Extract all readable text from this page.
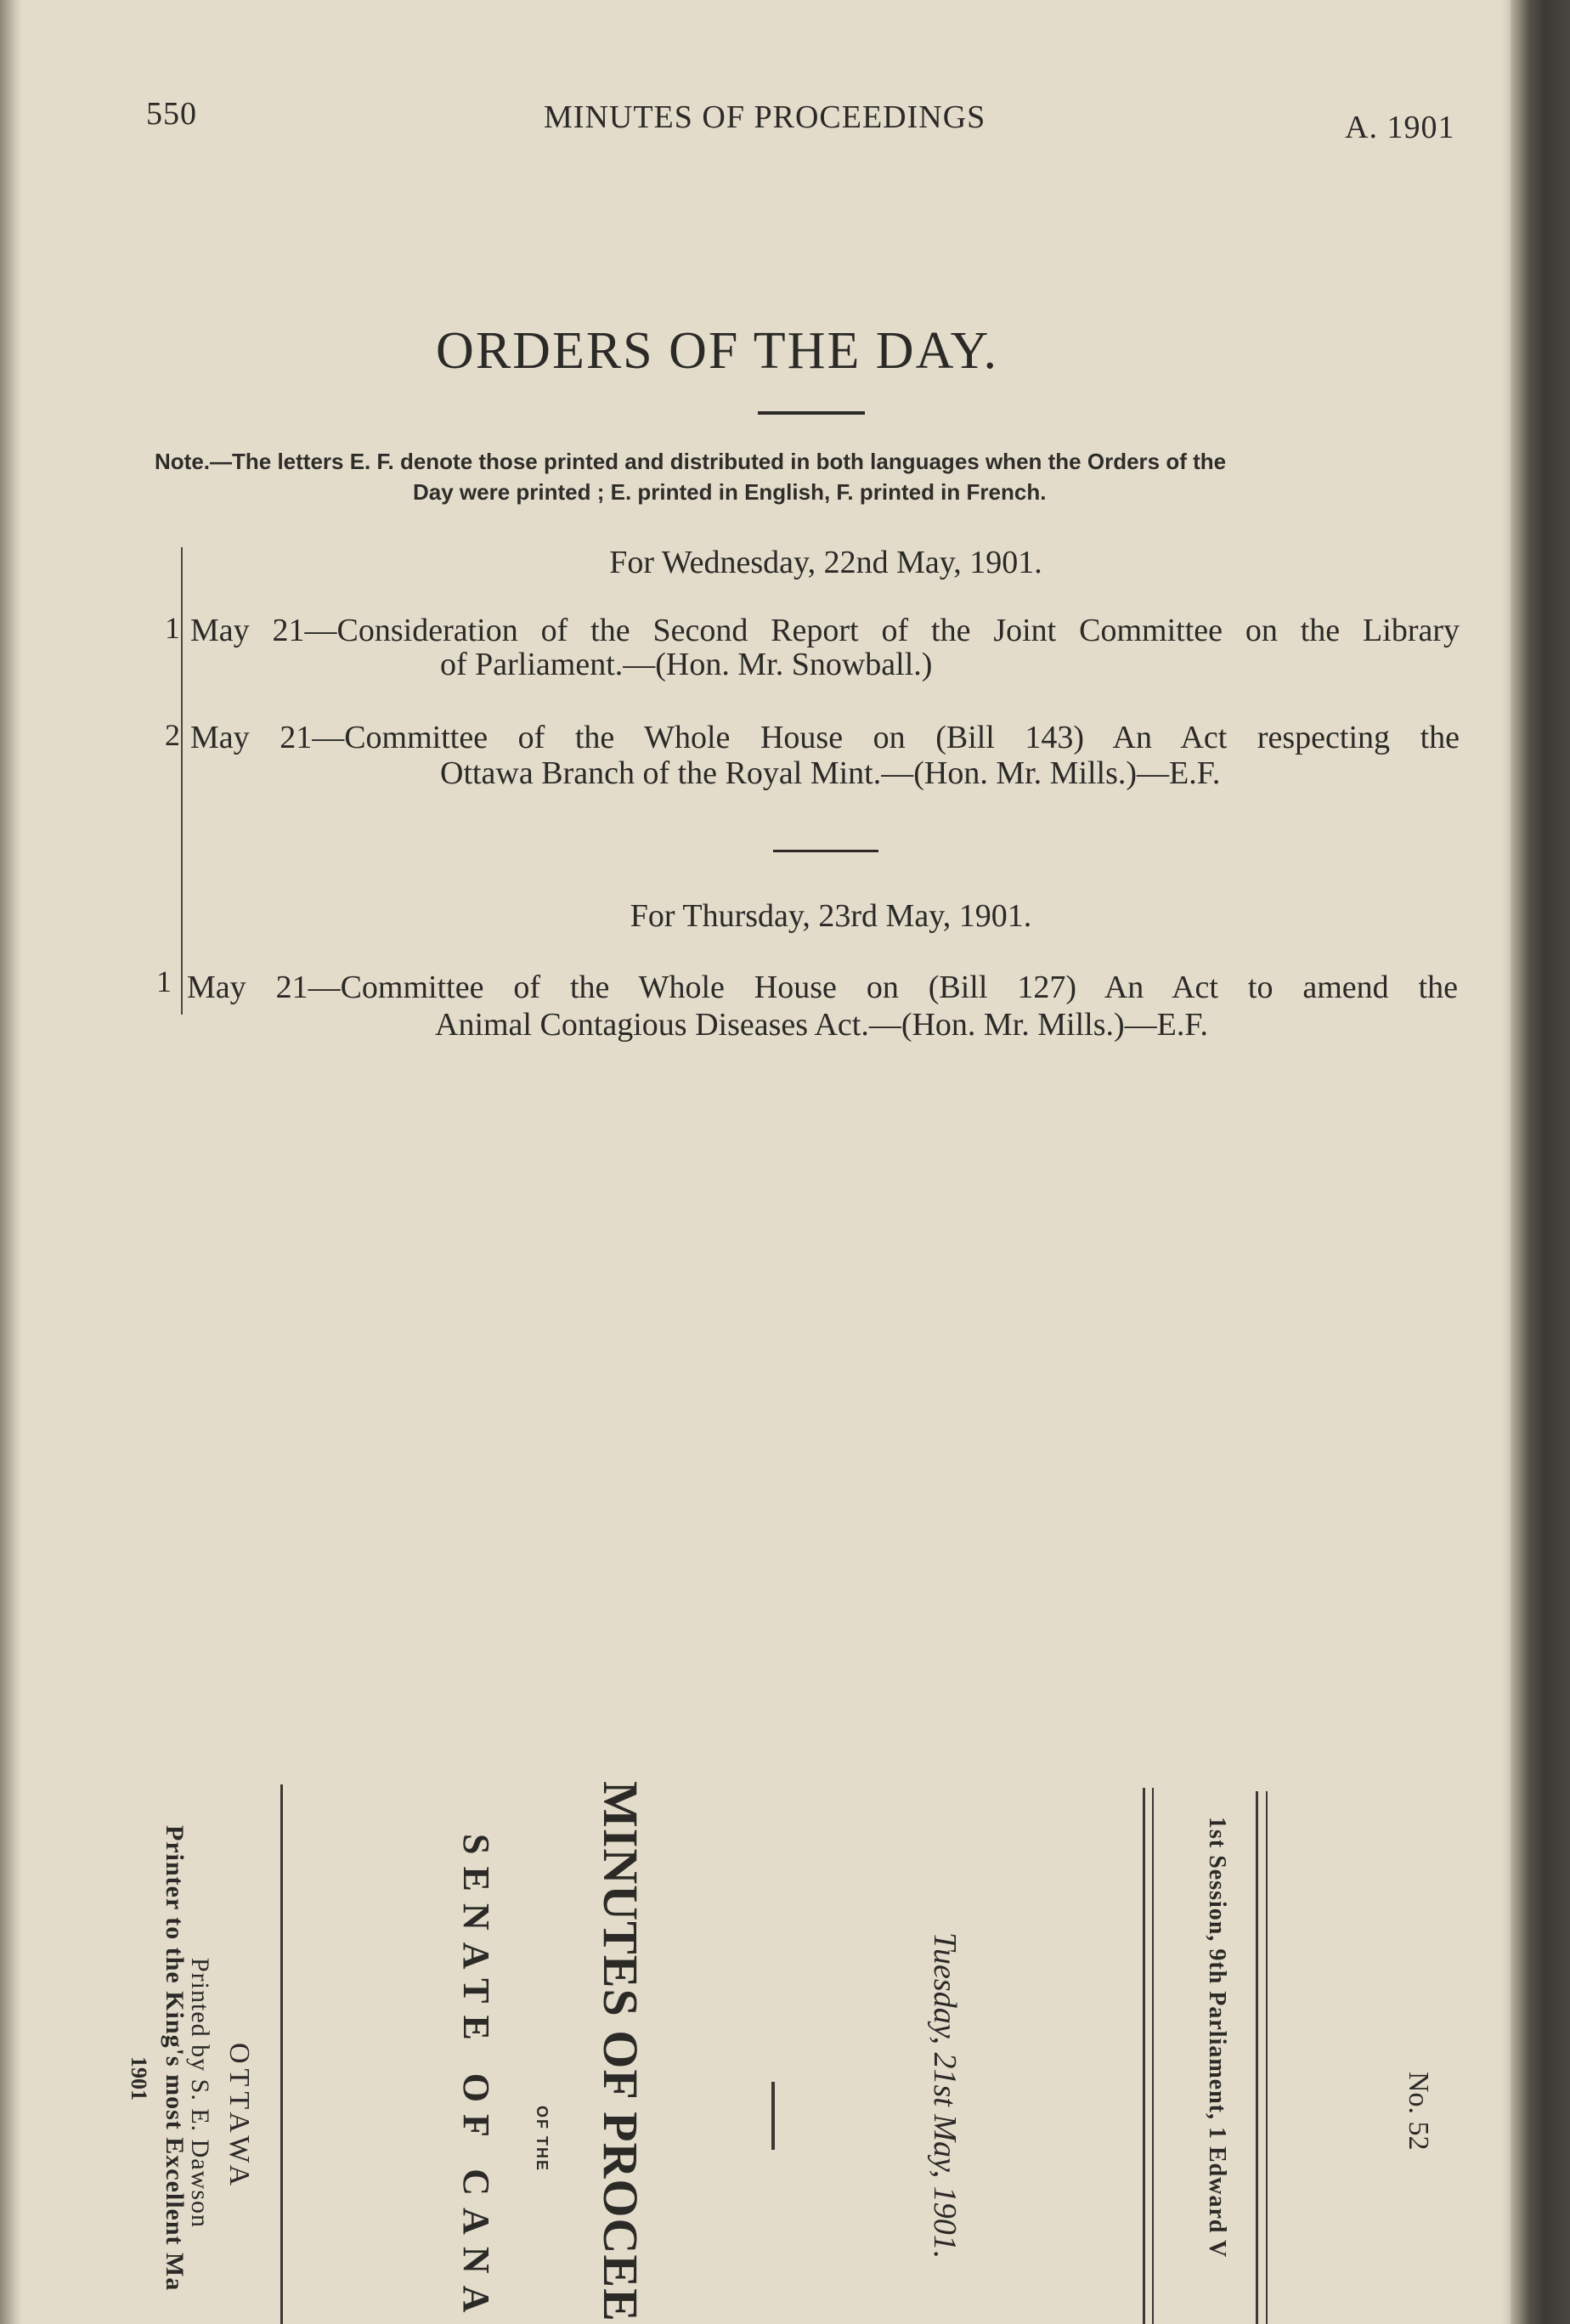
550	MINUTES OF PROCEEDINGS	A. 1901
ORDERS OF THE DAY.
Note.—The letters E. F. denote those printed and distributed in both languages when the Orders of the
Day were printed ; E. printed in English, F. printed in French.
For Wednesday, 22nd May, 1901.
1 May 21—Consideration of the Second Report of the Joint Committee on the Library
of Parliament.—(Hon. Mr. Snowball.)
2 May 21—Committee of the Whole House on (Bill 143) An Act respecting the
Ottawa Branch of the Royal Mint.—(Hon. Mr. Mills.)—E.F.
For Thursday, 23rd May, 1901.
1 May 21—Committee of the Whole House on (Bill 127) An Act to amend the
Animal Contagious Diseases Act.—(Hon. Mr. Mills.)—E.F.
Printer to the King's most Excellent Ma
Printed by S. E. Dawson
1901	OTTAWA	SENATE OF CANA OF THE MINUTES OF PROCEE	Tuesday, 21st May, 1901.	1st Session, 9th Parliament, 1 Edward V	No. 52
